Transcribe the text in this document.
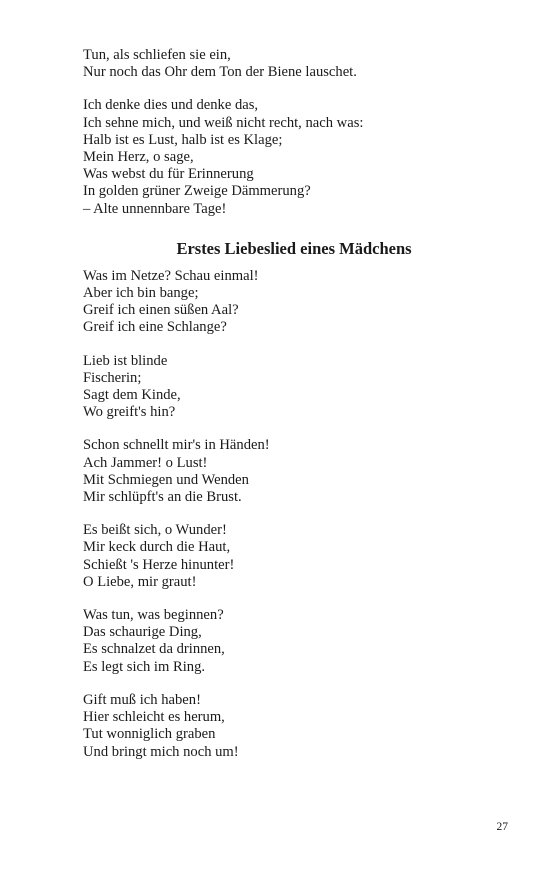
Tun, als schliefen sie ein,
Nur noch das Ohr dem Ton der Biene lauschet.
Ich denke dies und denke das,
Ich sehne mich, und weiß nicht recht, nach was:
Halb ist es Lust, halb ist es Klage;
Mein Herz, o sage,
Was webst du für Erinnerung
In golden grüner Zweige Dämmerung?
– Alte unnennbare Tage!
Erstes Liebeslied eines Mädchens
Was im Netze? Schau einmal!
Aber ich bin bange;
Greif ich einen süßen Aal?
Greif ich eine Schlange?
Lieb ist blinde
Fischerin;
Sagt dem Kinde,
Wo greift's hin?
Schon schnellt mir's in Händen!
Ach Jammer! o Lust!
Mit Schmiegen und Wenden
Mir schlüpft's an die Brust.
Es beißt sich, o Wunder!
Mir keck durch die Haut,
Schießt 's Herze hinunter!
O Liebe, mir graut!
Was tun, was beginnen?
Das schaurige Ding,
Es schnalzet da drinnen,
Es legt sich im Ring.
Gift muß ich haben!
Hier schleicht es herum,
Tut wonniglich graben
Und bringt mich noch um!
27
